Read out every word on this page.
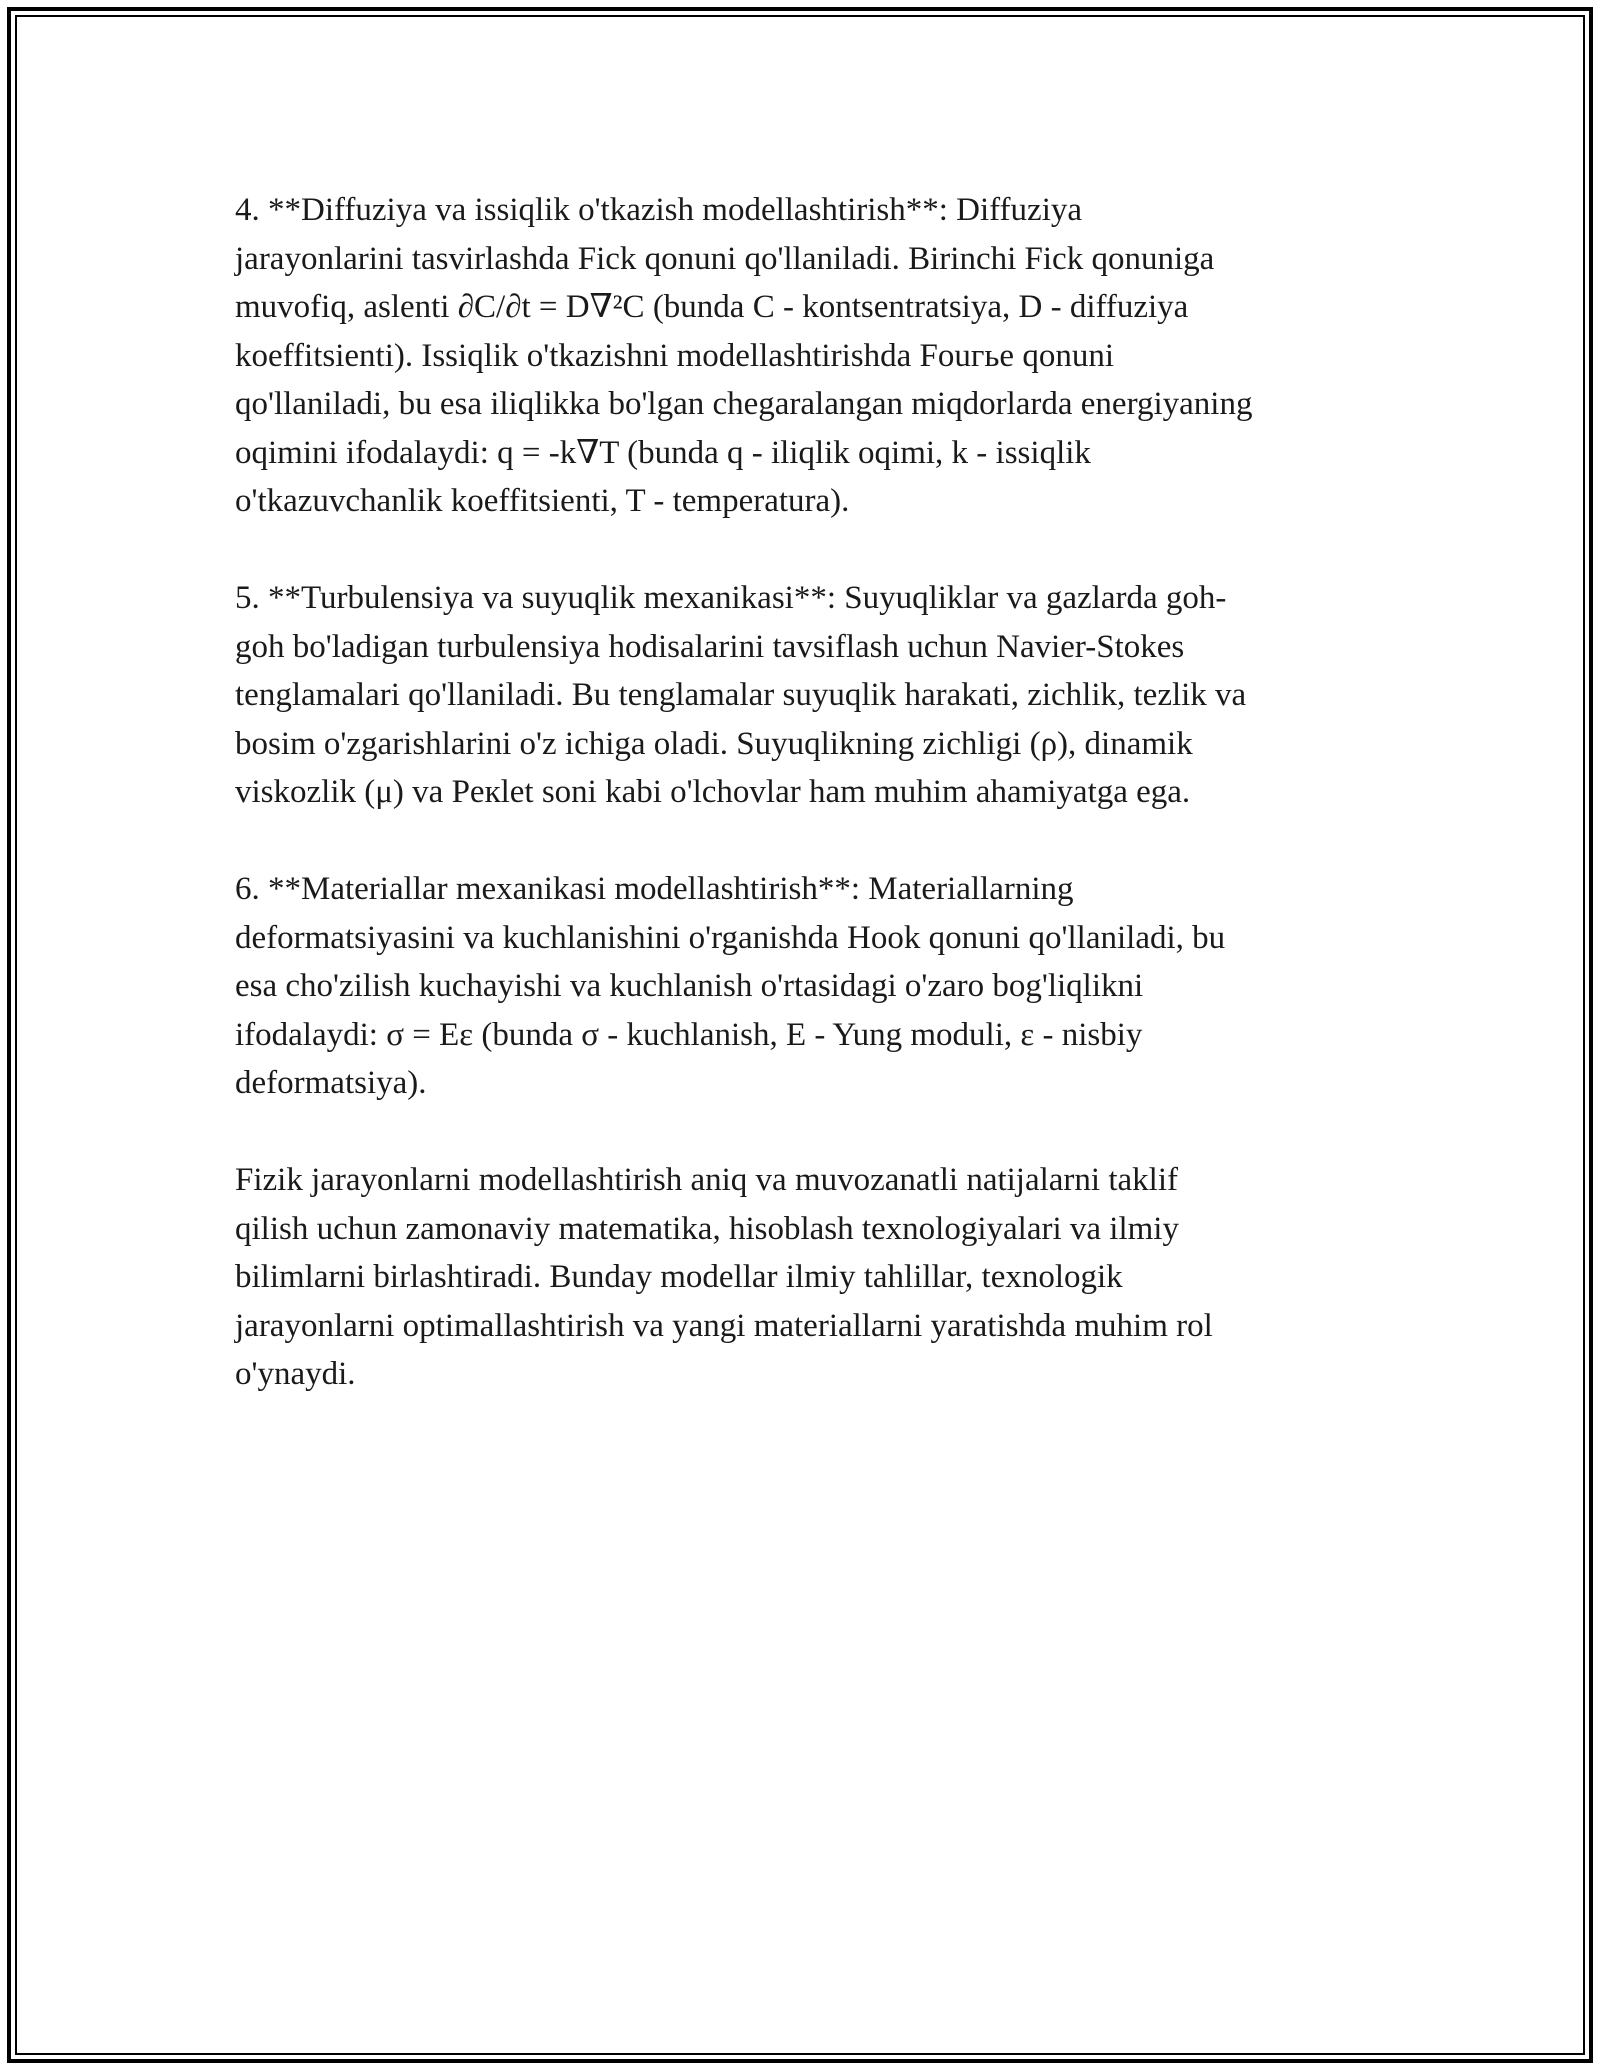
4. **Diffuziya va issiqlik o'tkazish modellashtirish**: Diffuziya
jarayonlarini tasvirlashda Fick qonuni qo'llaniladi. Birinchi Fick qonuniga
muvofiq, aslenti ∂C/∂t = D∇²C (bunda C - kontsentratsiya, D - diffuziya
koeffitsienti). Issiqlik o'tkazishni modellashtirishda Fouгье qonuni
qo'llaniladi, bu esa iliqlikka bo'lgan chegaralangan miqdorlarda energiyaning
oqimini ifodalaydi: q = -k∇T (bunda q - iliqlik oqimi, k - issiqlik
o'tkazuvchanlik koeffitsienti, T - temperatura).

5. **Turbulensiya va suyuqlik mexanikasi**: Suyuqliklar va gazlarda goh-
goh bo'ladigan turbulensiya hodisalarini tavsiflash uchun Navier-Stokes
tenglamalari qo'llaniladi. Bu tenglamalar suyuqlik harakati, zichlik, tezlik va
bosim o'zgarishlarini o'z ichiga oladi. Suyuqlikning zichligi (ρ), dinamik
viskozlik (μ) va Peкlet soni kabi o'lchovlar ham muhim ahamiyatga ega.

6. **Materiallar mexanikasi modellashtirish**: Materiallarning
deformatsiyasini va kuchlanishini o'rganishda Hook qonuni qo'llaniladi, bu
esa cho'zilish kuchayishi va kuchlanish o'rtasidagi o'zaro bog'liqlikni
ifodalaydi: σ = Eε (bunda σ - kuchlanish, E - Yung moduli, ε - nisbiy
deformatsiya).

Fizik jarayonlarni modellashtirish aniq va muvozanatli natijalarni taklif
qilish uchun zamonaviy matematika, hisoblash texnologiyalari va ilmiy
bilimlarni birlashtiradi. Bunday modellar ilmiy tahlillar, texnologik
jarayonlarni optimallashtirish va yangi materiallarni yaratishda muhim rol
o'ynaydi.
